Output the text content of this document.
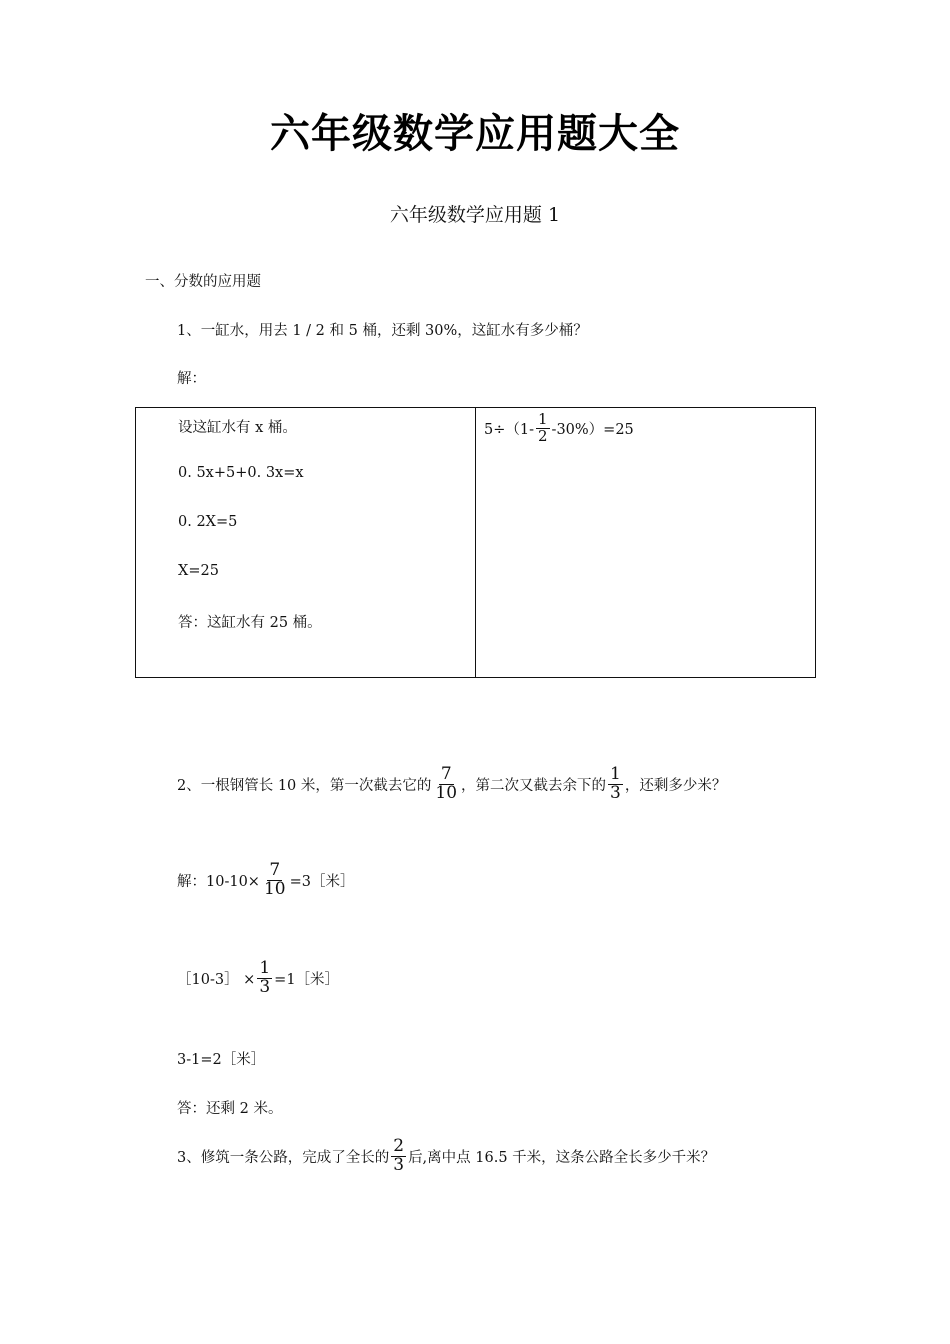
六年级数学应用题大全
六年级数学应用题 1
一、分数的应用题
1、一缸水，用去 1 / 2 和 5 桶，还剩 30%，这缸水有多少桶？
解：
设这缸水有 x 桶。
0. 5x+5+0. 3x=x
0. 2X=5
X=25
答：这缸水有 25 桶。
$5\div(1- \frac{1}{2} -30\%)=25$
2、一根钢管长 10 米，第一次截去它的 $\frac{7}{10}$ ，第二次又截去余下的 $\frac{1}{3}$ ，还剩多少米？
解：$10-10\times \frac{7}{10}$ =3［米］
［10-3］ × $\frac{1}{3}$ =1［米］
3-1=2［米］
答：还剩 2 米。
3、修筑一条公路，完成了全长的 $\frac{2}{3}$ 后,离中点 16.5 千米，这条公路全长多少千米？
